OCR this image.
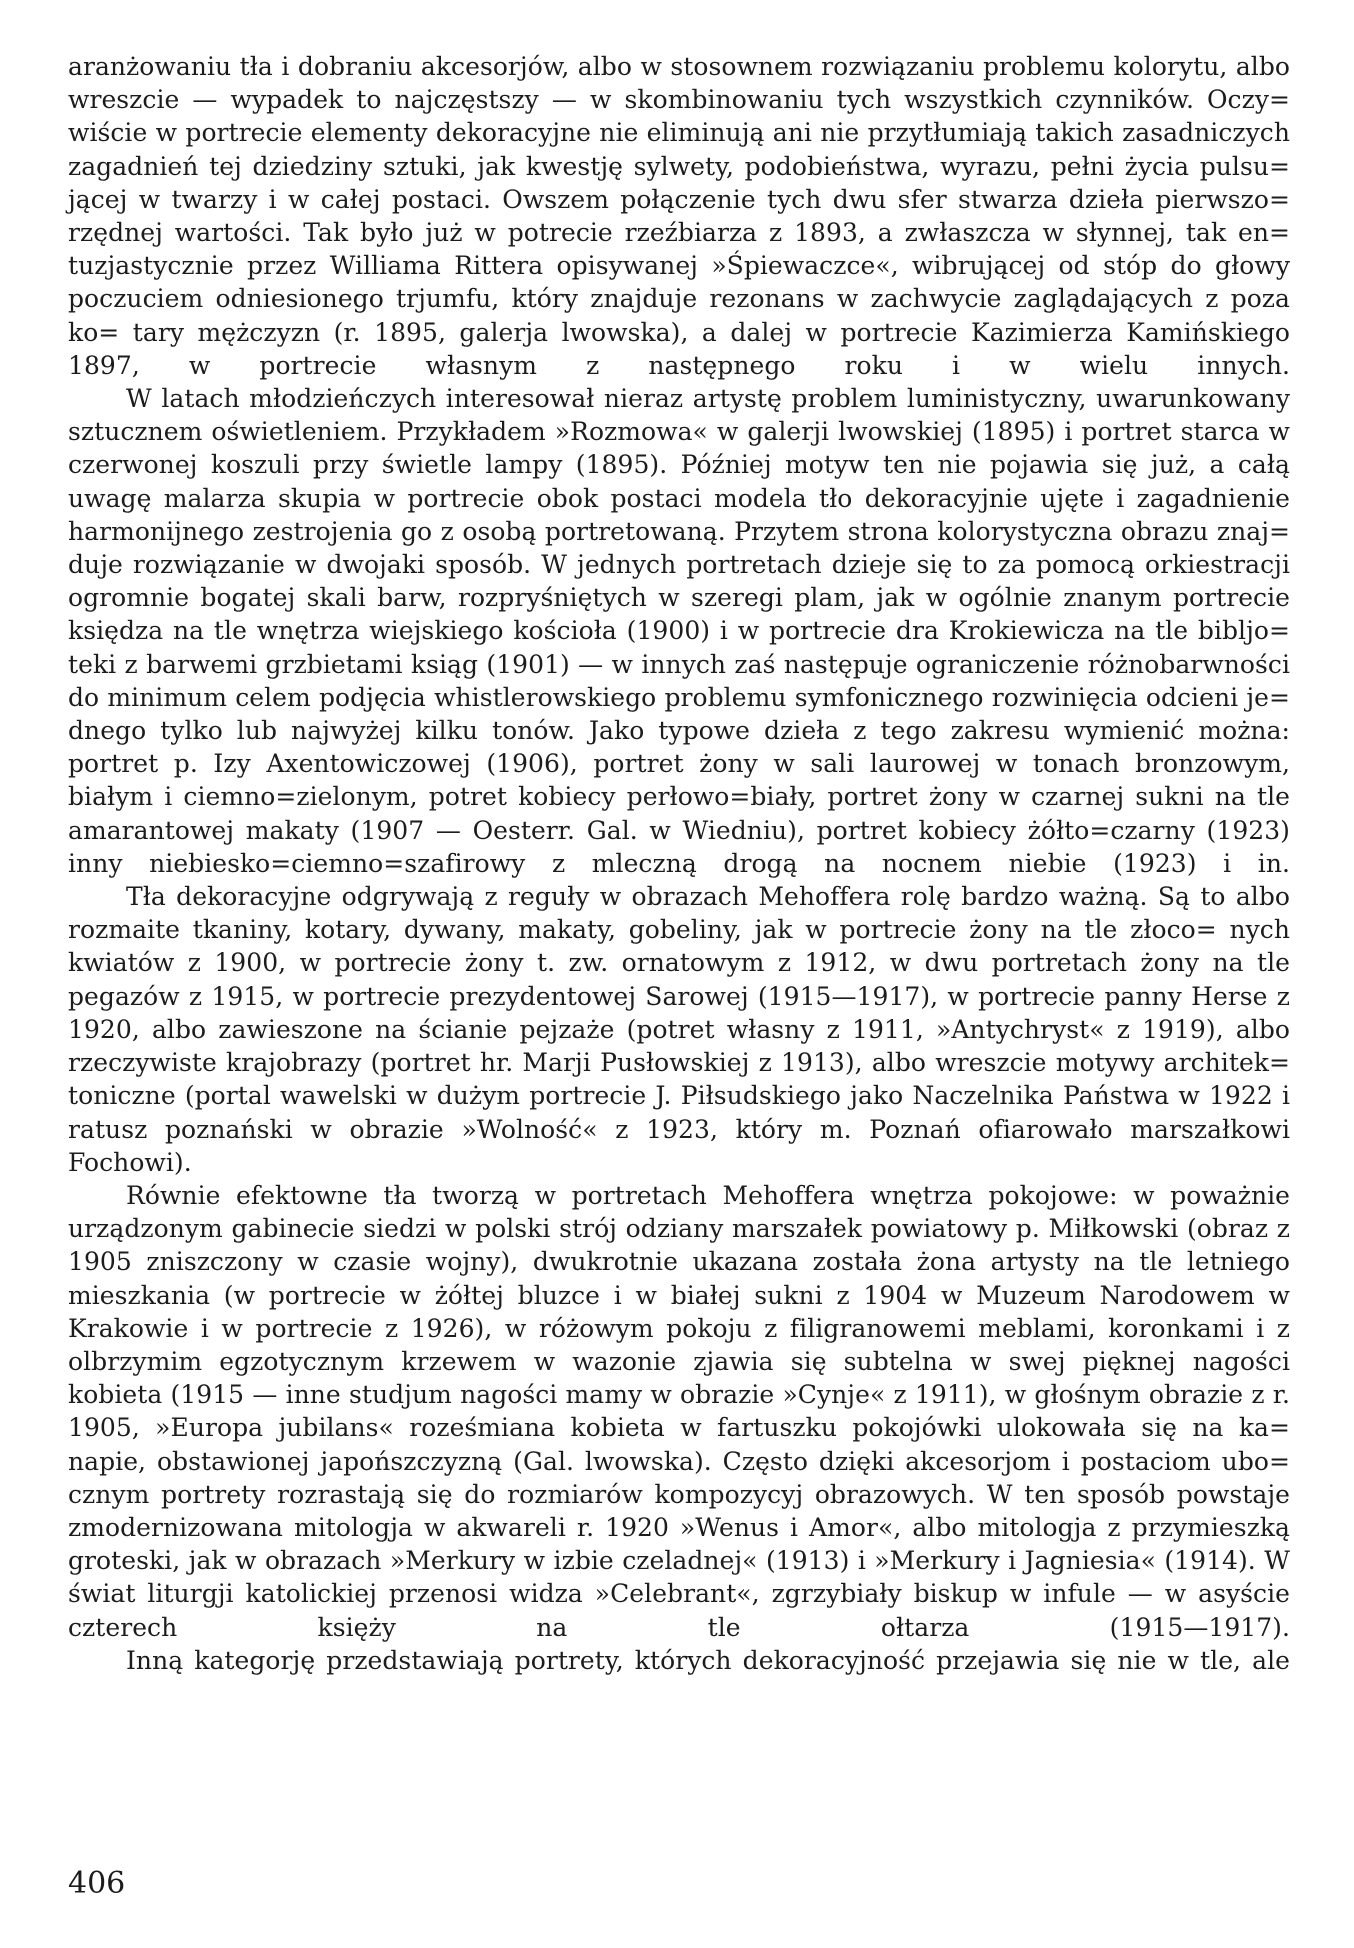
aranżowaniu tła i dobraniu akcesorjów, albo w stosownem rozwiązaniu problemu kolorytu, albo wreszcie — wypadek to najczęstszy — w skombinowaniu tych wszystkich czynników. Oczy= wiście w portrecie elementy dekoracyjne nie eliminują ani nie przytłumiają takich zasadniczych zagadnień tej dziedziny sztuki, jak kwestję sylwety, podobieństwa, wyrazu, pełni życia pulsu= jącej w twarzy i w całej postaci. Owszem połączenie tych dwu sfer stwarza dzieła pierwszo= rzędnej wartości. Tak było już w potrecie rzeźbiarza z 1893, a zwłaszcza w słynnej, tak en= tuzjastycznie przez Williama Rittera opisywanej »Śpiewaczce«, wibrującej od stóp do głowy poczuciem odniesionego trjumfu, który znajduje rezonans w zachwycie zaglądających z poza ko= tary mężczyzn (r. 1895, galerja lwowska), a dalej w portrecie Kazimierza Kamińskiego 1897, w portrecie własnym z następnego roku i w wielu innych.

W latach młodzieńczych interesował nieraz artystę problem luministyczny, uwarunkowany sztucznem oświetleniem. Przykładem »Rozmowa« w galerji lwowskiej (1895) i portret starca w czerwonej koszuli przy świetle lampy (1895). Później motyw ten nie pojawia się już, a całą uwagę malarza skupia w portrecie obok postaci modela tło dekoracyjnie ujęte i zagadnienie harmonijnego zestrojenia go z osobą portretowaną. Przytem strona kolorystyczna obrazu znaj= duje rozwiązanie w dwojaki sposób. W jednych portretach dzieje się to za pomocą orkiestracji ogromnie bogatej skali barw, rozpryśniętych w szeregi plam, jak w ogólnie znanym portrecie księdza na tle wnętrza wiejskiego kościoła (1900) i w portrecie dra Krokiewicza na tle bibljo= teki z barwemi grzbietami ksiąg (1901) — w innych zaś następuje ograniczenie różnobarwności do minimum celem podjęcia whistlerowskiego problemu symfonicznego rozwinięcia odcieni je= dnego tylko lub najwyżej kilku tonów. Jako typowe dzieła z tego zakresu wymienić można: portret p. Izy Axentowiczowej (1906), portret żony w sali laurowej w tonach bronzowym, białym i ciemno=zielonym, potret kobiecy perłowo=biały, portret żony w czarnej sukni na tle amarantowej makaty (1907 — Oesterr. Gal. w Wiedniu), portret kobiecy żółto=czarny (1923) inny niebiesko=ciemno=szafirowy z mleczną drogą na nocnem niebie (1923) i in.

Tła dekoracyjne odgrywają z reguły w obrazach Mehoffera rolę bardzo ważną. Są to albo rozmaite tkaniny, kotary, dywany, makaty, gobeliny, jak w portrecie żony na tle złoco= nych kwiatów z 1900, w portrecie żony t. zw. ornatowym z 1912, w dwu portretach żony na tle pegazów z 1915, w portrecie prezydentowej Sarowej (1915—1917), w portrecie panny Herse z 1920, albo zawieszone na ścianie pejzaże (potret własny z 1911, »Antychryst« z 1919), albo rzeczywiste krajobrazy (portret hr. Marji Pusłowskiej z 1913), albo wreszcie motywy architek= toniczne (portal wawelski w dużym portrecie J. Piłsudskiego jako Naczelnika Państwa w 1922 i ratusz poznański w obrazie »Wolność« z 1923, który m. Poznań ofiarowało marszałkowi Fochowi).

Równie efektowne tła tworzą w portretach Mehoffera wnętrza pokojowe: w poważnie urządzonym gabinecie siedzi w polski strój odziany marszałek powiatowy p. Miłkowski (obraz z 1905 zniszczony w czasie wojny), dwukrotnie ukazana została żona artysty na tle letniego mieszkania (w portrecie w żółtej bluzce i w białej sukni z 1904 w Muzeum Narodowem w Krakowie i w portrecie z 1926), w różowym pokoju z filigranowemi meblami, koronkami i z olbrzymim egzotycznym krzewem w wazonie zjawia się subtelna w swej pięknej nagości kobieta (1915 — inne studjum nagości mamy w obrazie »Cynje« z 1911), w głośnym obrazie z r. 1905, »Europa jubilans« roześmiana kobieta w fartuszku pokojówki ulokowała się na ka= napie, obstawionej japońszczyzną (Gal. lwowska). Często dzięki akcesorjom i postaciom ubo= cznym portrety rozrastają się do rozmiarów kompozycyj obrazowych. W ten sposób powstaje zmodernizowana mitologja w akwareli r. 1920 »Wenus i Amor«, albo mitologja z przymieszką groteski, jak w obrazach »Merkury w izbie czeladnej« (1913) i »Merkury i Jagniesia« (1914). W świat liturgji katolickiej przenosi widza »Celebrant«, zgrzybiały biskup w infule — w asyście czterech księży na tle ołtarza (1915—1917).

Inną kategorję przedstawiają portrety, których dekoracyjność przejawia się nie w tle, ale

406
